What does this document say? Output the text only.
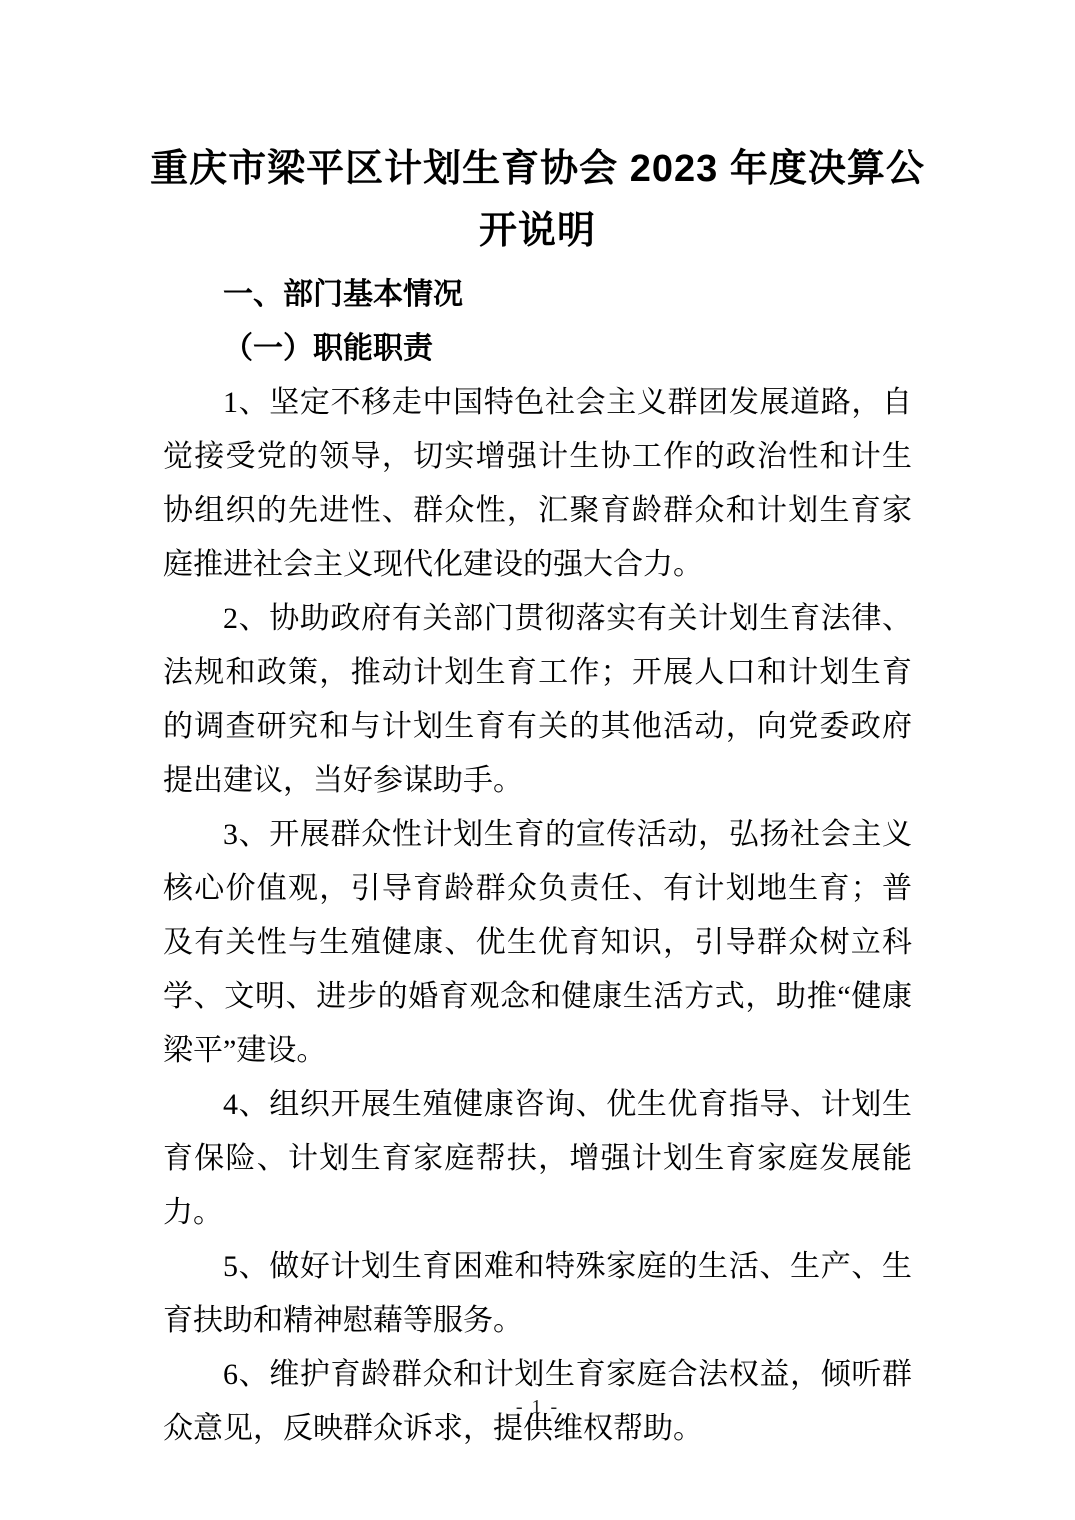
重庆市梁平区计划生育协会 2023 年度决算公
开说明

一、部门基本情况

（一）职能职责

1、坚定不移走中国特色社会主义群团发展道路，自觉接受党的领导，切实增强计生协工作的政治性和计生协组织的先进性、群众性，汇聚育龄群众和计划生育家庭推进社会主义现代化建设的强大合力。

2、协助政府有关部门贯彻落实有关计划生育法律、法规和政策，推动计划生育工作；开展人口和计划生育的调查研究和与计划生育有关的其他活动，向党委政府提出建议，当好参谋助手。

3、开展群众性计划生育的宣传活动，弘扬社会主义核心价值观，引导育龄群众负责任、有计划地生育；普及有关性与生殖健康、优生优育知识，引导群众树立科学、文明、进步的婚育观念和健康生活方式，助推“健康梁平”建设。

4、组织开展生殖健康咨询、优生优育指导、计划生育保险、计划生育家庭帮扶，增强计划生育家庭发展能力。

5、做好计划生育困难和特殊家庭的生活、生产、生育扶助和精神慰藉等服务。

6、维护育龄群众和计划生育家庭合法权益，倾听群众意见，反映群众诉求，提供维权帮助。

- 1 -
